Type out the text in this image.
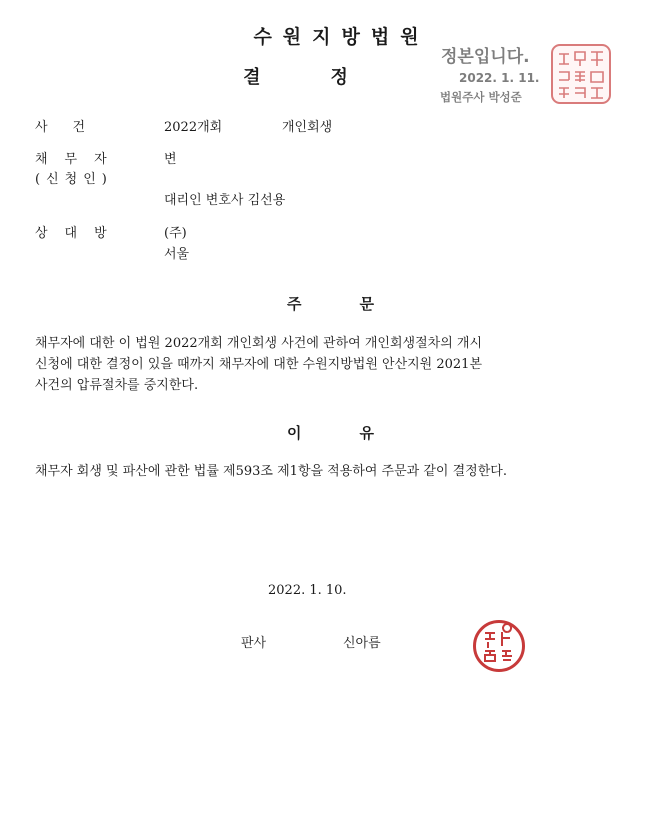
수원지방법원
결정
정본입니다.
2022. 1. 11.
법원주사 박성준
사건	2022개회	개인회생
채무자	변
(신청인)
대리인 변호사 김선용
상대방	(주)
서울
주문
채무자에 대한 이 법원 2022개회 개인회생 사건에 관하여 개인회생절차의 개시
신청에 대한 결정이 있을 때까지 채무자에 대한 수원지방법원 안산지원 2021본
사건의 압류절차를 중지한다.
이유
채무자 회생 및 파산에 관한 법률 제593조 제1항을 적용하여 주문과 같이 결정한다.
2022. 1. 10.
판사	신아름
